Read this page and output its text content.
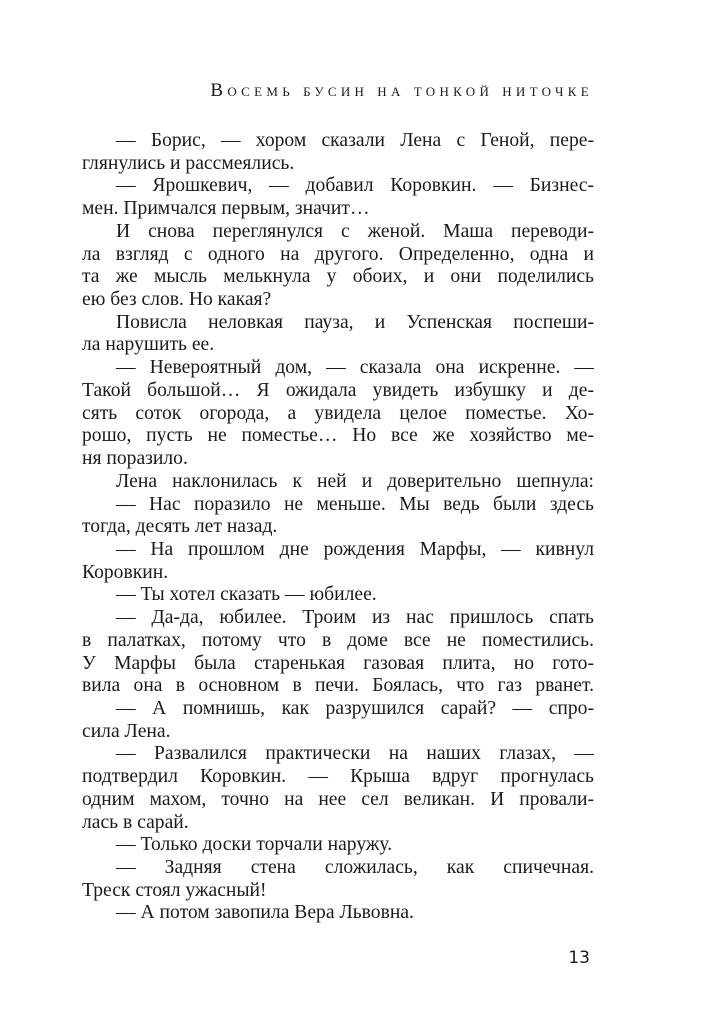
Восемь бусин на тонкой ниточке
— Борис, — хором сказали Лена с Геной, пере-
глянулись и рассмеялись.
— Ярошкевич, — добавил Коровкин. — Бизнес-
мен. Примчался первым, значит…
И снова переглянулся с женой. Маша переводи-
ла взгляд с одного на другого. Определенно, одна и
та же мысль мелькнула у обоих, и они поделились
ею без слов. Но какая?
Повисла неловкая пауза, и Успенская поспеши-
ла нарушить ее.
— Невероятный дом, — сказала она искренне. —
Такой большой… Я ожидала увидеть избушку и де-
сять соток огорода, а увидела целое поместье. Хо-
рошо, пусть не поместье… Но все же хозяйство ме-
ня поразило.
Лена наклонилась к ней и доверительно шепнула:
— Нас поразило не меньше. Мы ведь были здесь
тогда, десять лет назад.
— На прошлом дне рождения Марфы, — кивнул
Коровкин.
— Ты хотел сказать — юбилее.
— Да-да, юбилее. Троим из нас пришлось спать
в палатках, потому что в доме все не поместились.
У Марфы была старенькая газовая плита, но гото-
вила она в основном в печи. Боялась, что газ рванет.
— А помнишь, как разрушился сарай? — спро-
сила Лена.
— Развалился практически на наших глазах, —
подтвердил Коровкин. — Крыша вдруг прогнулась
одним махом, точно на нее сел великан. И провали-
лась в сарай.
— Только доски торчали наружу.
— Задняя стена сложилась, как спичечная.
Треск стоял ужасный!
— А потом завопила Вера Львовна.
13
